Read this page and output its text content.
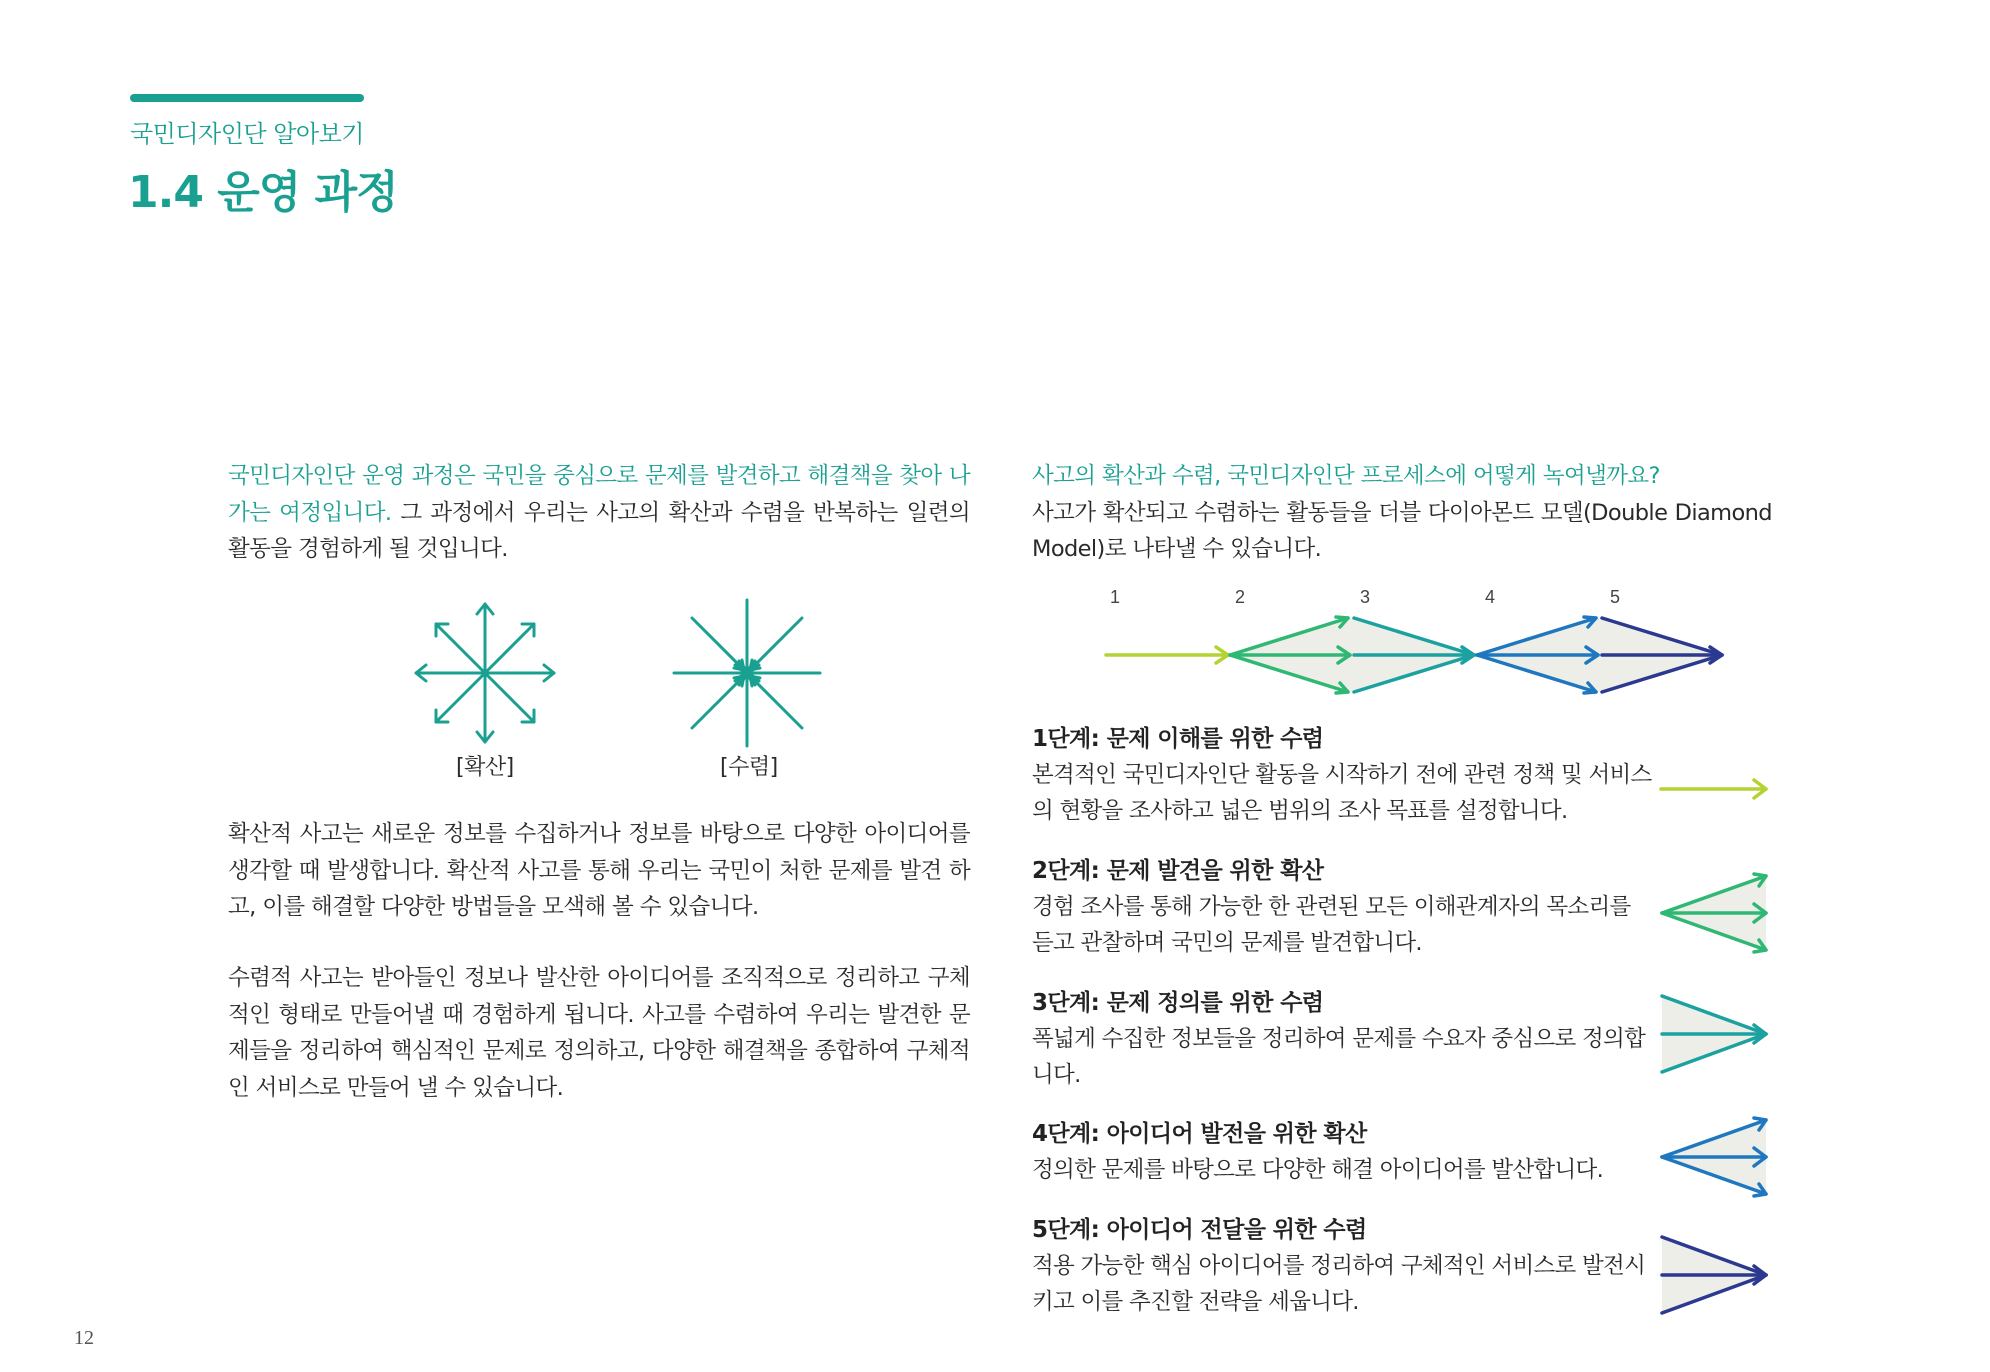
국민디자인단 알아보기
1.4 운영 과정
국민디자인단 운영 과정은 국민을 중심으로 문제를 발견하고 해결책을 찾아 나가는 여정입니다. 그 과정에서 우리는 사고의 확산과 수렴을 반복하는 일련의 활동을 경험하게 될 것입니다.
[확산]	[수렴]
확산적 사고는 새로운 정보를 수집하거나 정보를 바탕으로 다양한 아이디어를 생각할 때 발생합니다. 확산적 사고를 통해 우리는 국민이 처한 문제를 발견 하고, 이를 해결할 다양한 방법들을 모색해 볼 수 있습니다.
수렴적 사고는 받아들인 정보나 발산한 아이디어를 조직적으로 정리하고 구체적인 형태로 만들어낼 때 경험하게 됩니다. 사고를 수렴하여 우리는 발견한 문제들을 정리하여 핵심적인 문제로 정의하고, 다양한 해결책을 종합하여 구체적인 서비스로 만들어 낼 수 있습니다.
사고의 확산과 수렴, 국민디자인단 프로세스에 어떻게 녹여낼까요?
사고가 확산되고 수렴하는 활동들을 더블 다이아몬드 모델(Double Diamond Model)로 나타낼 수 있습니다.
1	2	3	4	5
1단계: 문제 이해를 위한 수렴
본격적인 국민디자인단 활동을 시작하기 전에 관련 정책 및 서비스의 현황을 조사하고 넓은 범위의 조사 목표를 설정합니다.
2단계: 문제 발견을 위한 확산
경험 조사를 통해 가능한 한 관련된 모든 이해관계자의 목소리를 듣고 관찰하며 국민의 문제를 발견합니다.
3단계: 문제 정의를 위한 수렴
폭넓게 수집한 정보들을 정리하여 문제를 수요자 중심으로 정의합니다.
4단계: 아이디어 발전을 위한 확산
정의한 문제를 바탕으로 다양한 해결 아이디어를 발산합니다.
5단계: 아이디어 전달을 위한 수렴
적용 가능한 핵심 아이디어를 정리하여 구체적인 서비스로 발전시키고 이를 추진할 전략을 세웁니다.
12
